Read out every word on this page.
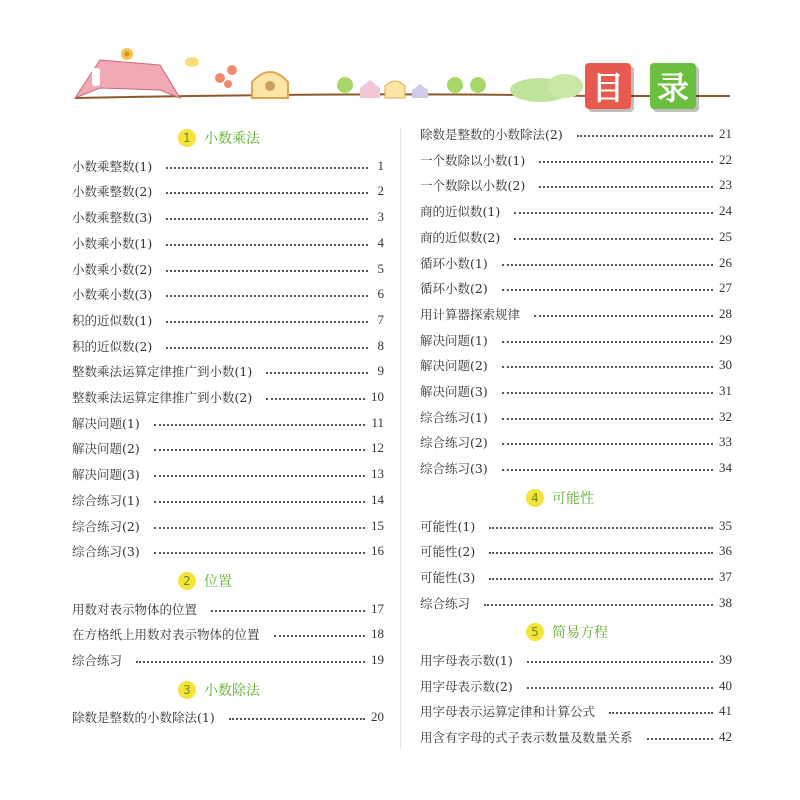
目 录
1 小数乘法
小数乘整数(1)	1
小数乘整数(2)	2
小数乘整数(3)	3
小数乘小数(1)	4
小数乘小数(2)	5
小数乘小数(3)	6
积的近似数(1)	7
积的近似数(2)	8
整数乘法运算定律推广到小数(1)	9
整数乘法运算定律推广到小数(2)	10
解决问题(1)	11
解决问题(2)	12
解决问题(3)	13
综合练习(1)	14
综合练习(2)	15
综合练习(3)	16
2 位置
用数对表示物体的位置	17
在方格纸上用数对表示物体的位置	18
综合练习	19
3 小数除法
除数是整数的小数除法(1)	20
除数是整数的小数除法(2)	21
一个数除以小数(1)	22
一个数除以小数(2)	23
商的近似数(1)	24
商的近似数(2)	25
循环小数(1)	26
循环小数(2)	27
用计算器探索规律	28
解决问题(1)	29
解决问题(2)	30
解决问题(3)	31
综合练习(1)	32
综合练习(2)	33
综合练习(3)	34
4 可能性
可能性(1)	35
可能性(2)	36
可能性(3)	37
综合练习	38
5 简易方程
用字母表示数(1)	39
用字母表示数(2)	40
用字母表示运算定律和计算公式	41
用含有字母的式子表示数量及数量关系	42
